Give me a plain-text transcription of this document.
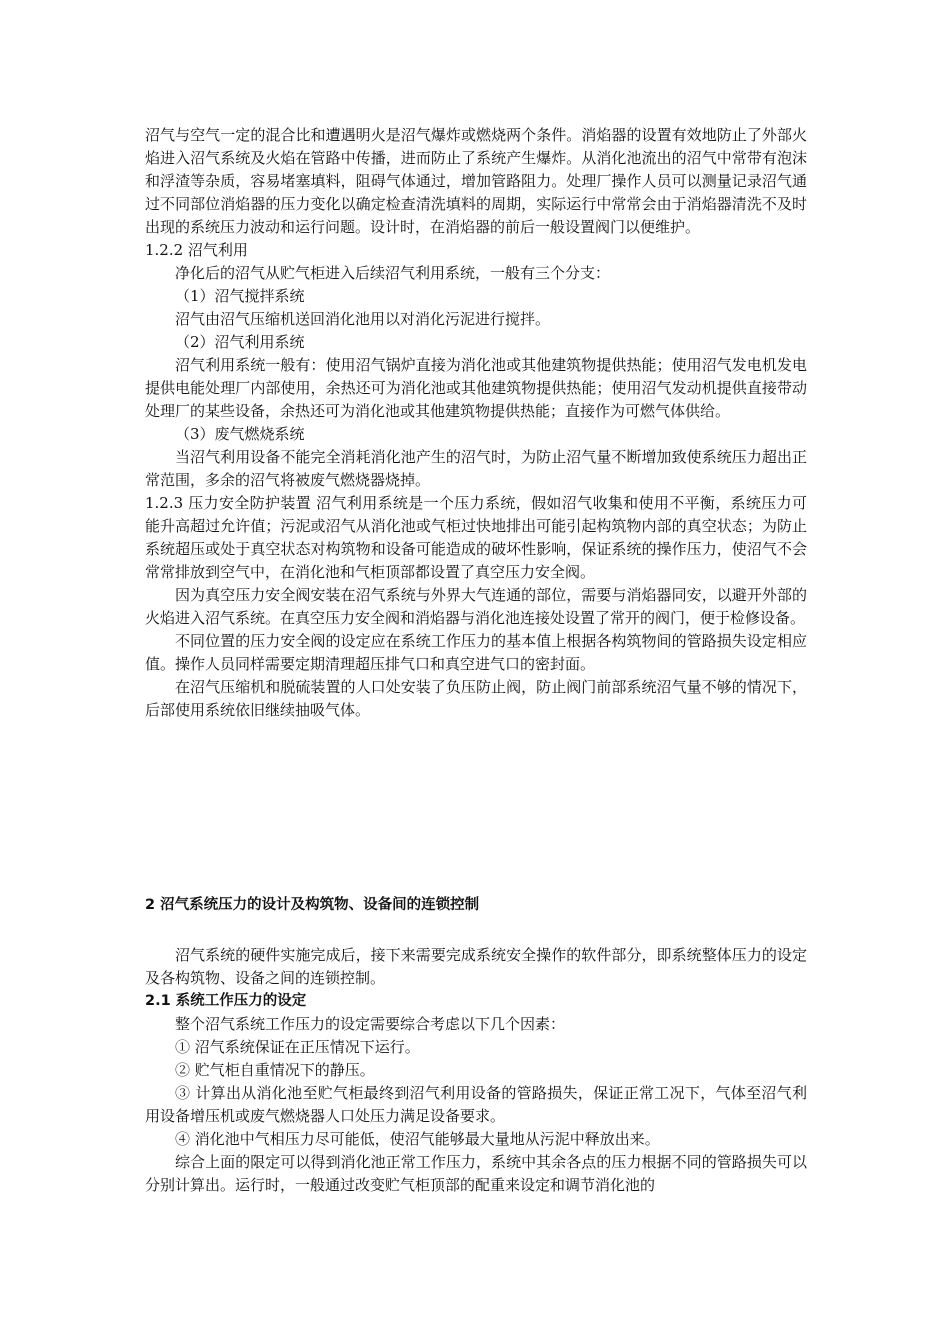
沼气与空气一定的混合比和遭遇明火是沼气爆炸或燃烧两个条件。消焰器的设置有效地防止了外部火焰进入沼气系统及火焰在管路中传播，进而防止了系统产生爆炸。从消化池流出的沼气中常带有泡沫和浮渣等杂质，容易堵塞填料，阻碍气体通过，增加管路阻力。处理厂操作人员可以测量记录沼气通过不同部位消焰器的压力变化以确定检查清洗填料的周期，实际运行中常常会由于消焰器清洗不及时出现的系统压力波动和运行问题。设计时，在消焰器的前后一般设置阀门以便维护。

1.2.2 沼气利用

净化后的沼气从贮气柜进入后续沼气利用系统，一般有三个分支：

（1）沼气搅拌系统

沼气由沼气压缩机送回消化池用以对消化污泥进行搅拌。

（2）沼气利用系统

沼气利用系统一般有：使用沼气锅炉直接为消化池或其他建筑物提供热能；使用沼气发电机发电提供电能处理厂内部使用，余热还可为消化池或其他建筑物提供热能；使用沼气发动机提供直接带动处理厂的某些设备，余热还可为消化池或其他建筑物提供热能；直接作为可燃气体供给。

（3）废气燃烧系统

当沼气利用设备不能完全消耗消化池产生的沼气时，为防止沼气量不断增加致使系统压力超出正常范围，多余的沼气将被废气燃烧器烧掉。

1.2.3 压力安全防护装置 沼气利用系统是一个压力系统，假如沼气收集和使用不平衡，系统压力可能升高超过允许值；污泥或沼气从消化池或气柜过快地排出可能引起构筑物内部的真空状态；为防止系统超压或处于真空状态对构筑物和设备可能造成的破坏性影响，保证系统的操作压力，使沼气不会常常排放到空气中，在消化池和气柜顶部都设置了真空压力安全阀。

因为真空压力安全阀安装在沼气系统与外界大气连通的部位，需要与消焰器同安，以避开外部的火焰进入沼气系统。在真空压力安全阀和消焰器与消化池连接处设置了常开的阀门，便于检修设备。

不同位置的压力安全阀的设定应在系统工作压力的基本值上根据各构筑物间的管路损失设定相应值。操作人员同样需要定期清理超压排气口和真空进气口的密封面。

在沼气压缩机和脱硫装置的人口处安装了负压防止阀，防止阀门前部系统沼气量不够的情况下，后部使用系统依旧继续抽吸气体。

2 沼气系统压力的设计及构筑物、设备间的连锁控制

沼气系统的硬件实施完成后，接下来需要完成系统安全操作的软件部分，即系统整体压力的设定及各构筑物、设备之间的连锁控制。

2.1 系统工作压力的设定

整个沼气系统工作压力的设定需要综合考虑以下几个因素：

① 沼气系统保证在正压情况下运行。

② 贮气柜自重情况下的静压。

③ 计算出从消化池至贮气柜最终到沼气利用设备的管路损失，保证正常工况下，气体至沼气利用设备增压机或废气燃烧器人口处压力满足设备要求。

④ 消化池中气相压力尽可能低，使沼气能够最大量地从污泥中释放出来。

综合上面的限定可以得到消化池正常工作压力，系统中其余各点的压力根据不同的管路损失可以分别计算出。运行时，一般通过改变贮气柜顶部的配重来设定和调节消化池的
